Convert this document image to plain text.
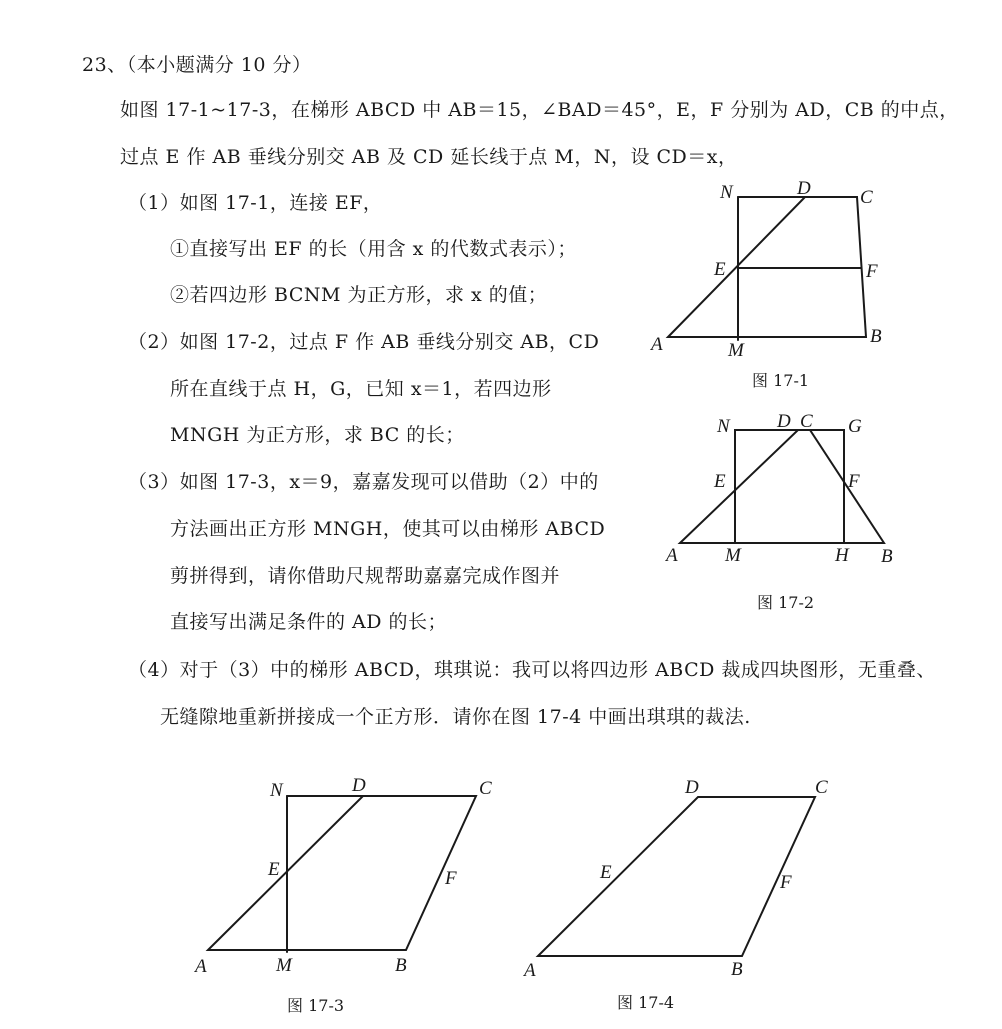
23、（本小题满分 10 分）
如图 17-1~17-3，在梯形 ABCD 中 AB＝15，∠BAD＝45°，E，F 分别为 AD，CB 的中点，
过点 E 作 AB 垂线分别交 AB 及 CD 延长线于点 M，N，设 CD＝x，
（1）如图 17-1，连接 EF，
①直接写出 EF 的长（用含 x 的代数式表示）；
②若四边形 BCNM 为正方形，求 x 的值；
（2）如图 17-2，过点 F 作 AB 垂线分别交 AB，CD
所在直线于点 H，G，已知 x＝1，若四边形
MNGH 为正方形，求 BC 的长；
（3）如图 17-3，x＝9，嘉嘉发现可以借助（2）中的
方法画出正方形 MNGH，使其可以由梯形 ABCD
剪拼得到，请你借助尺规帮助嘉嘉完成作图并
直接写出满足条件的 AD 的长；
（4）对于（3）中的梯形 ABCD，琪琪说：我可以将四边形 ABCD 裁成四块图形，无重叠、
无缝隙地重新拼接成一个正方形．请你在图 17-4 中画出琪琪的裁法.
N	D	C
E	F
A	M
B
图 17-1
N D C G
E	F
A M	H B
图 17-2
N	D	C
E	F
A	M	B
图 17-3
D	C
E	F
A	B
图 17-4
